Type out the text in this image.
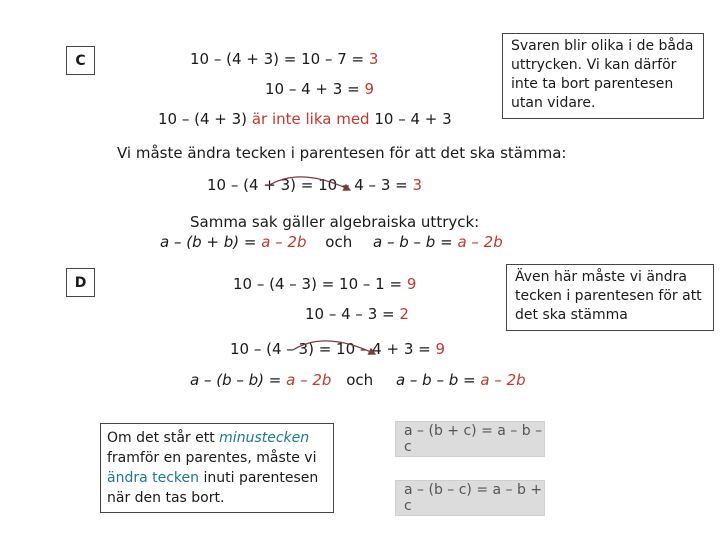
C
D
10 – (4 + 3) = 10 – 7 = 3
10 – 4 + 3 = 9
10 – (4 + 3) är inte lika med 10 – 4 + 3
Svaren blir olika i de båda uttrycken. Vi kan därför inte ta bort parentesen utan vidare.
Vi måste ändra tecken i parentesen för att det ska stämma:
10 – (4 + 3) = 10 – 4 – 3 = 3
Samma sak gäller algebraiska uttryck:
a – (b + b) = a – 2b och a – b – b = a – 2b
10 – (4 – 3) = 10 – 1 = 9
10 – 4 – 3 = 2
Även här måste vi ändra tecken i parentesen för att det ska stämma
10 – (4 – 3) = 10 – 4 + 3 = 9
a – (b – b) = a – 2b och a – b – b = a – 2b
Om det står ett minustecken framför en parentes, måste vi ändra tecken inuti parentesen när den tas bort.
a – (b + c) = a – b – c
a – (b – c) = a – b + c
